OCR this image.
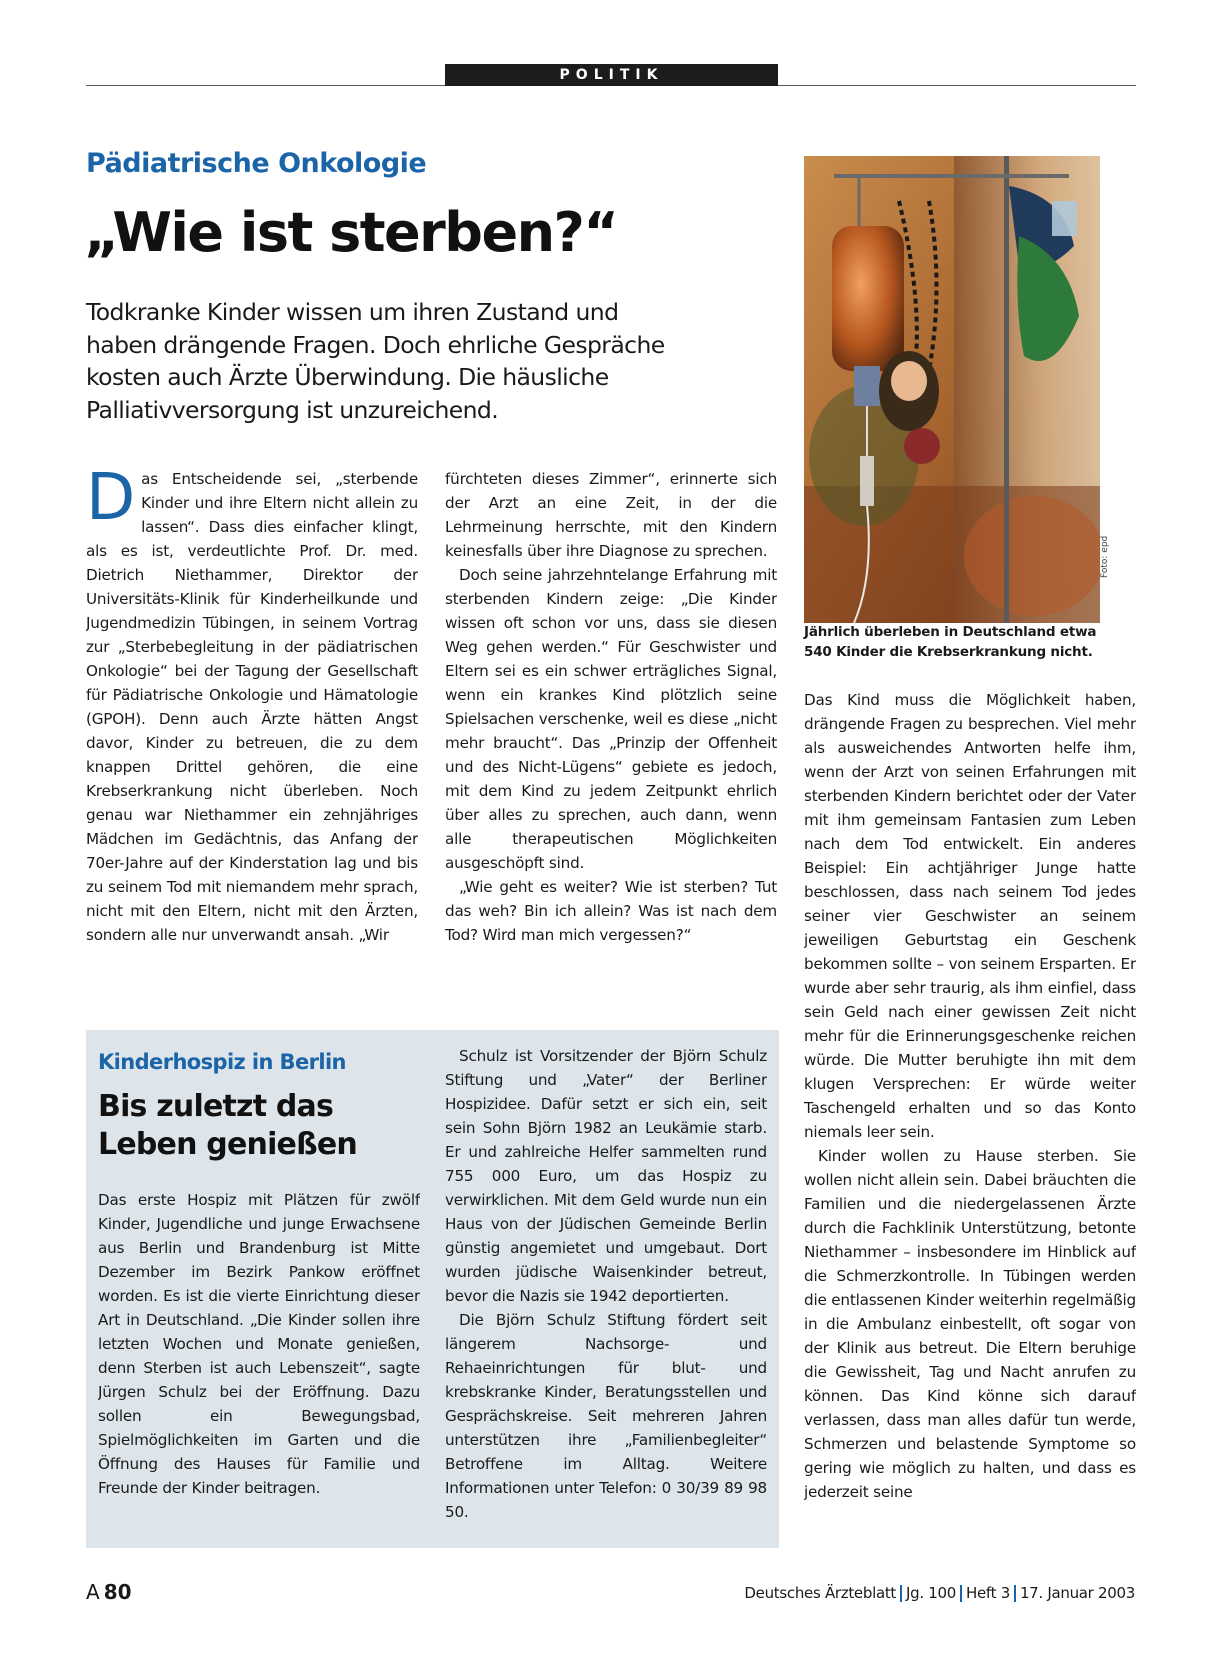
POLITIK
Pädiatrische Onkologie
„Wie ist sterben?“
Todkranke Kinder wissen um ihren Zustand und haben drängende Fragen. Doch ehrliche Gespräche kosten auch Ärzte Überwindung. Die häusliche Palliativversorgung ist unzureichend.

Das Entscheidende sei, „sterbende Kinder und ihre Eltern nicht allein zu lassen“. Dass dies einfacher klingt, als es ist, verdeutlichte Prof. Dr. med. Dietrich Niethammer, Direktor der Universitäts-Klinik für Kinderheilkunde und Jugendmedizin Tübingen, in seinem Vortrag zur „Sterbebegleitung in der pädiatrischen Onkologie“ bei der Tagung der Gesellschaft für Pädiatrische Onkologie und Hämatologie (GPOH). Denn auch Ärzte hätten Angst davor, Kinder zu betreuen, die zu dem knappen Drittel gehören, die eine Krebserkrankung nicht überleben. Noch genau war Niethammer ein zehnjähriges Mädchen im Gedächtnis, das Anfang der 70er-Jahre auf der Kinderstation lag und bis zu seinem Tod mit niemandem mehr sprach, nicht mit den Eltern, nicht mit den Ärzten, sondern alle nur unverwandt ansah. „Wir

fürchteten dieses Zimmer“, erinnerte sich der Arzt an eine Zeit, in der die Lehrmeinung herrschte, mit den Kindern keinesfalls über ihre Diagnose zu sprechen.

Doch seine jahrzehntelange Erfahrung mit sterbenden Kindern zeige: „Die Kinder wissen oft schon vor uns, dass sie diesen Weg gehen werden.“ Für Geschwister und Eltern sei es ein schwer erträgliches Signal, wenn ein krankes Kind plötzlich seine Spielsachen verschenke, weil es diese „nicht mehr braucht“. Das „Prinzip der Offenheit und des Nicht-Lügens“ gebiete es jedoch, mit dem Kind zu jedem Zeitpunkt ehrlich über alles zu sprechen, auch dann, wenn alle therapeutischen Möglichkeiten ausgeschöpft sind.

„Wie geht es weiter? Wie ist sterben? Tut das weh? Bin ich allein? Was ist nach dem Tod? Wird man mich vergessen?“

Foto: epd
Jährlich überleben in Deutschland etwa 540 Kinder die Krebserkrankung nicht.

Das Kind muss die Möglichkeit haben, drängende Fragen zu besprechen. Viel mehr als ausweichendes Antworten helfe ihm, wenn der Arzt von seinen Erfahrungen mit sterbenden Kindern berichtet oder der Vater mit ihm gemeinsam Fantasien zum Leben nach dem Tod entwickelt. Ein anderes Beispiel: Ein achtjähriger Junge hatte beschlossen, dass nach seinem Tod jedes seiner vier Geschwister an seinem jeweiligen Geburtstag ein Geschenk bekommen sollte – von seinem Ersparten. Er wurde aber sehr traurig, als ihm einfiel, dass sein Geld nach einer gewissen Zeit nicht mehr für die Erinnerungsgeschenke reichen würde. Die Mutter beruhigte ihn mit dem klugen Versprechen: Er würde weiter Taschengeld erhalten und so das Konto niemals leer sein.

Kinder wollen zu Hause sterben. Sie wollen nicht allein sein. Dabei bräuchten die Familien und die niedergelassenen Ärzte durch die Fachklinik Unterstützung, betonte Niethammer – insbesondere im Hinblick auf die Schmerzkontrolle. In Tübingen werden die entlassenen Kinder weiterhin regelmäßig in die Ambulanz einbestellt, oft sogar von der Klinik aus betreut. Die Eltern beruhige die Gewissheit, Tag und Nacht anrufen zu können. Das Kind könne sich darauf verlassen, dass man alles dafür tun werde, Schmerzen und belastende Symptome so gering wie möglich zu halten, und dass es jederzeit seine

Kinderhospiz in Berlin
Bis zuletzt das Leben genießen

Das erste Hospiz mit Plätzen für zwölf Kinder, Jugendliche und junge Erwachsene aus Berlin und Brandenburg ist Mitte Dezember im Bezirk Pankow eröffnet worden. Es ist die vierte Einrichtung dieser Art in Deutschland. „Die Kinder sollen ihre letzten Wochen und Monate genießen, denn Sterben ist auch Lebenszeit“, sagte Jürgen Schulz bei der Eröffnung. Dazu sollen ein Bewegungsbad, Spielmöglichkeiten im Garten und die Öffnung des Hauses für Familie und Freunde der Kinder beitragen.

Schulz ist Vorsitzender der Björn Schulz Stiftung und „Vater“ der Berliner Hospizidee. Dafür setzt er sich ein, seit sein Sohn Björn 1982 an Leukämie starb. Er und zahlreiche Helfer sammelten rund 755 000 Euro, um das Hospiz zu verwirklichen. Mit dem Geld wurde nun ein Haus von der Jüdischen Gemeinde Berlin günstig angemietet und umgebaut. Dort wurden jüdische Waisenkinder betreut, bevor die Nazis sie 1942 deportierten.

Die Björn Schulz Stiftung fördert seit längerem Nachsorge- und Rehaeinrichtungen für blut- und krebskranke Kinder, Beratungsstellen und Gesprächskreise. Seit mehreren Jahren unterstützen ihre „Familienbegleiter“ Betroffene im Alltag. Weitere Informationen unter Telefon: 0 30/39 89 98 50.

A  80	Deutsches Ärzteblatt Jg. 100 Heft 3 17. Januar 2003
